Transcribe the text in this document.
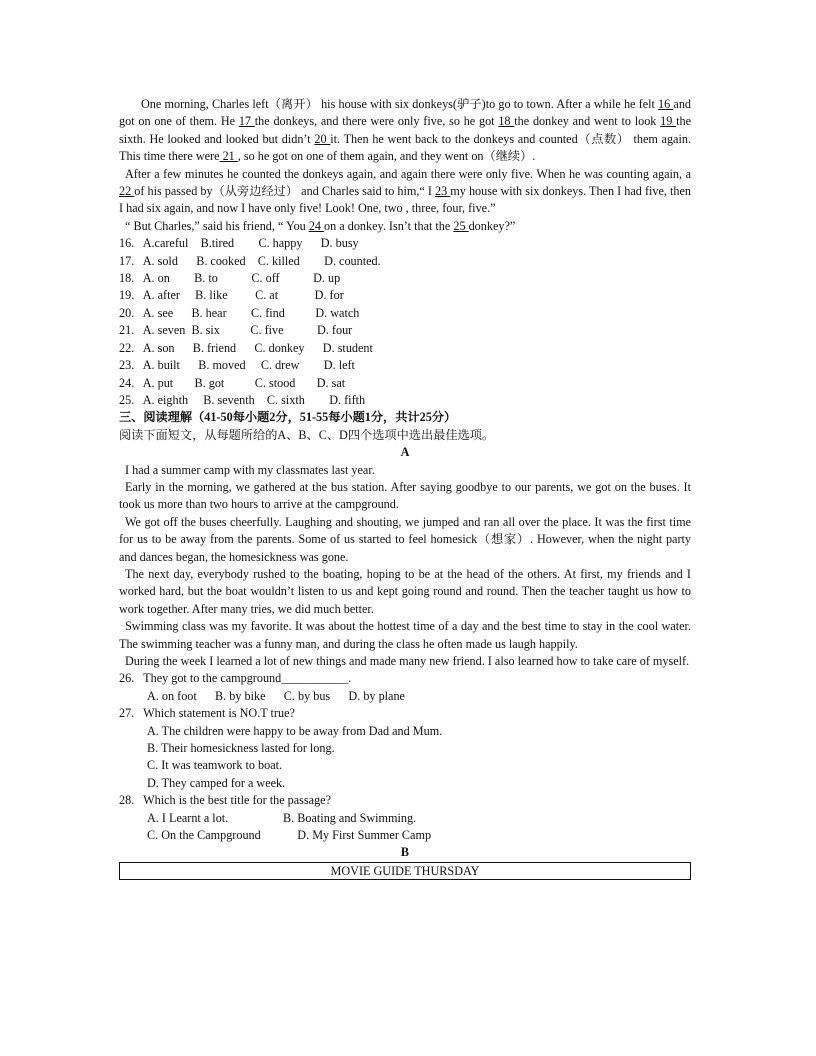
One morning, Charles left（离开） his house with six donkeys(驴子)to go to town. After a while he felt 16 and got on one of them. He 17 the donkeys, and there were only five, so he got 18 the donkey and went to look 19 the sixth. He looked and looked but didn’t 20 it. Then he went back to the donkeys and counted（点数） them again. This time there were 21 , so he got on one of them again, and they went on（继续）.

After a few minutes he counted the donkeys again, and again there were only five. When he was counting again, a 22 of his passed by（从旁边经过） and Charles said to him,“ I 23 my house with six donkeys. Then I had five, then I had six again, and now I have only five! Look! One, two , three, four, five.”

“ But Charles,” said his friend, “ You 24 on a donkey. Isn’t that the 25 donkey?”

16.   A.careful    B.tired        C. happy      D. busy

17.   A. sold      B. cooked    C. killed        D. counted.

18.   A. on        B. to           C. off           D. up

19.   A. after     B. like         C. at            D. for

20.   A. see      B. hear        C. find          D. watch

21.   A. seven  B. six          C. five           D. four

22.   A. son      B. friend      C. donkey      D. student

23.   A. built      B. moved     C. drew        D. left

24.   A. put       B. got          C. stood       D. sat

25.   A. eighth     B. seventh    C. sixth        D. fifth

三、阅读理解（41-50每小题2分，51-55每小题1分，共计25分）

阅读下面短文，从每题所给的A、B、C、D四个选项中选出最佳选项。

A

I had a summer camp with my classmates last year.

Early in the morning, we gathered at the bus station. After saying goodbye to our parents, we got on the buses. It took us more than two hours to arrive at the campground.

We got off the buses cheerfully. Laughing and shouting, we jumped and ran all over the place. It was the first time for us to be away from the parents. Some of us started to feel homesick（想家）. However, when the night party and dances began, the homesickness was gone.

The next day, everybody rushed to the boating, hoping to be at the head of the others. At first, my friends and I worked hard, but the boat wouldn’t listen to us and kept going round and round. Then the teacher taught us how to work together. After many tries, we did much better.

Swimming class was my favorite. It was about the hottest time of a day and the best time to stay in the cool water. The swimming teacher was a funny man, and during the class he often made us laugh happily.

During the week I learned a lot of new things and made many new friend. I also learned how to take care of myself.

26.   They got to the campground___________.

A. on foot      B. by bike      C. by bus      D. by plane

27.   Which statement is NO.T true?

A. The children were happy to be away from Dad and Mum.

B. Their homesickness lasted for long.

C. It was teamwork to boat.

D. They camped for a week.

28.   Which is the best title for the passage?

A. I Learnt a lot.                  B. Boating and Swimming.

C. On the Campground            D. My First Summer Camp

B

MOVIE GUIDE THURSDAY
